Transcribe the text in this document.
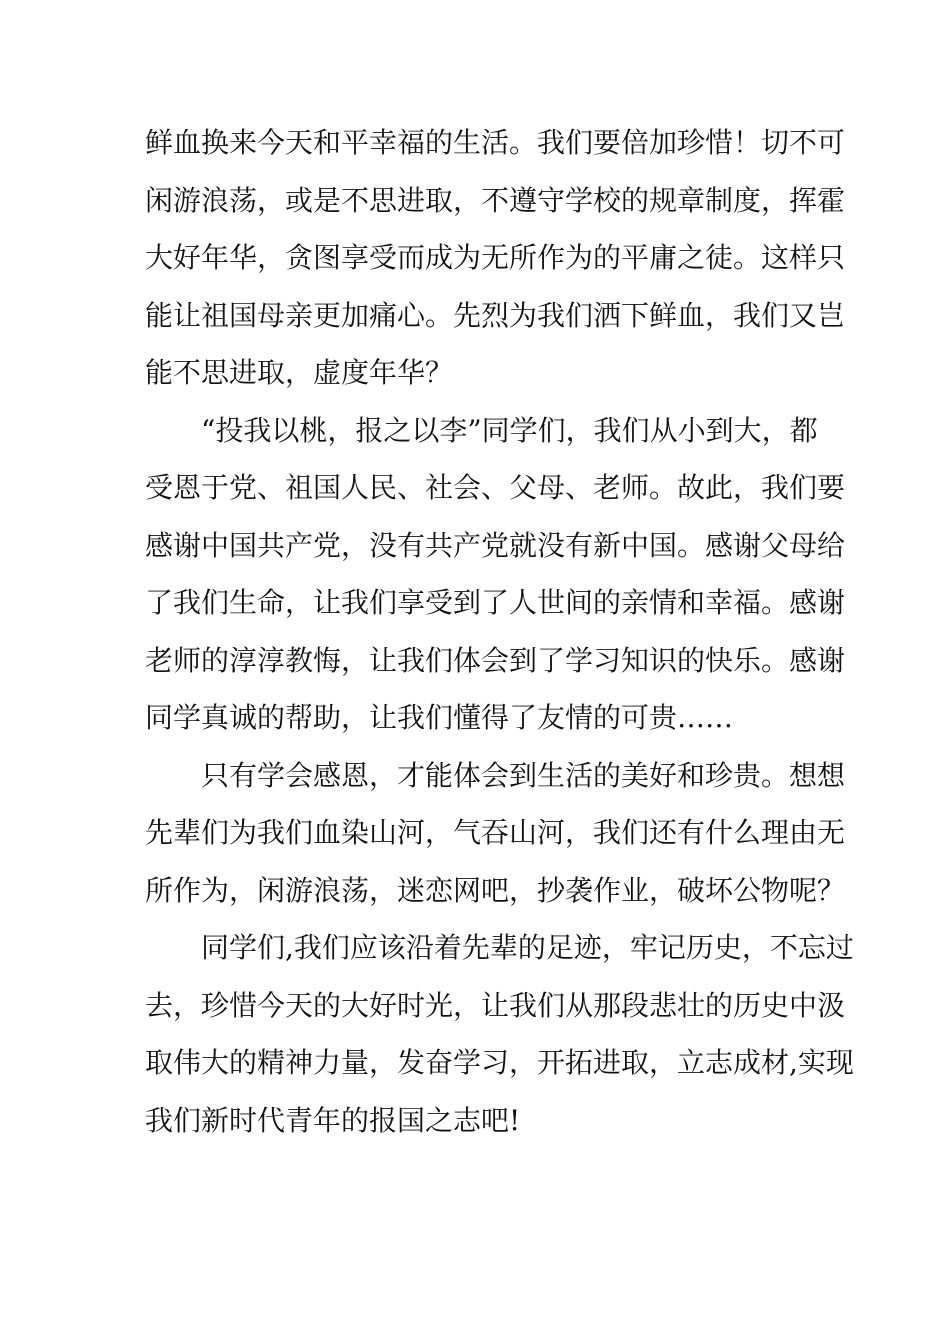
鲜血换来今天和平幸福的生活。我们要倍加珍惜！切不可
闲游浪荡，或是不思进取，不遵守学校的规章制度，挥霍
大好年华，贪图享受而成为无所作为的平庸之徒。这样只
能让祖国母亲更加痛心。先烈为我们洒下鲜血，我们又岂
能不思进取，虚度年华？
“投我以桃，报之以李”同学们，我们从小到大，都
受恩于党、祖国人民、社会、父母、老师。故此，我们要
感谢中国共产党，没有共产党就没有新中国。感谢父母给
了我们生命，让我们享受到了人世间的亲情和幸福。感谢
老师的淳淳教悔，让我们体会到了学习知识的快乐。感谢
同学真诚的帮助，让我们懂得了友情的可贵……
只有学会感恩，才能体会到生活的美好和珍贵。想想
先辈们为我们血染山河，气吞山河，我们还有什么理由无
所作为，闲游浪荡，迷恋网吧，抄袭作业，破坏公物呢？
同学们,我们应该沿着先辈的足迹，牢记历史，不忘过
去，珍惜今天的大好时光，让我们从那段悲壮的历史中汲
取伟大的精神力量，发奋学习，开拓进取，立志成材,实现
我们新时代青年的报国之志吧!
